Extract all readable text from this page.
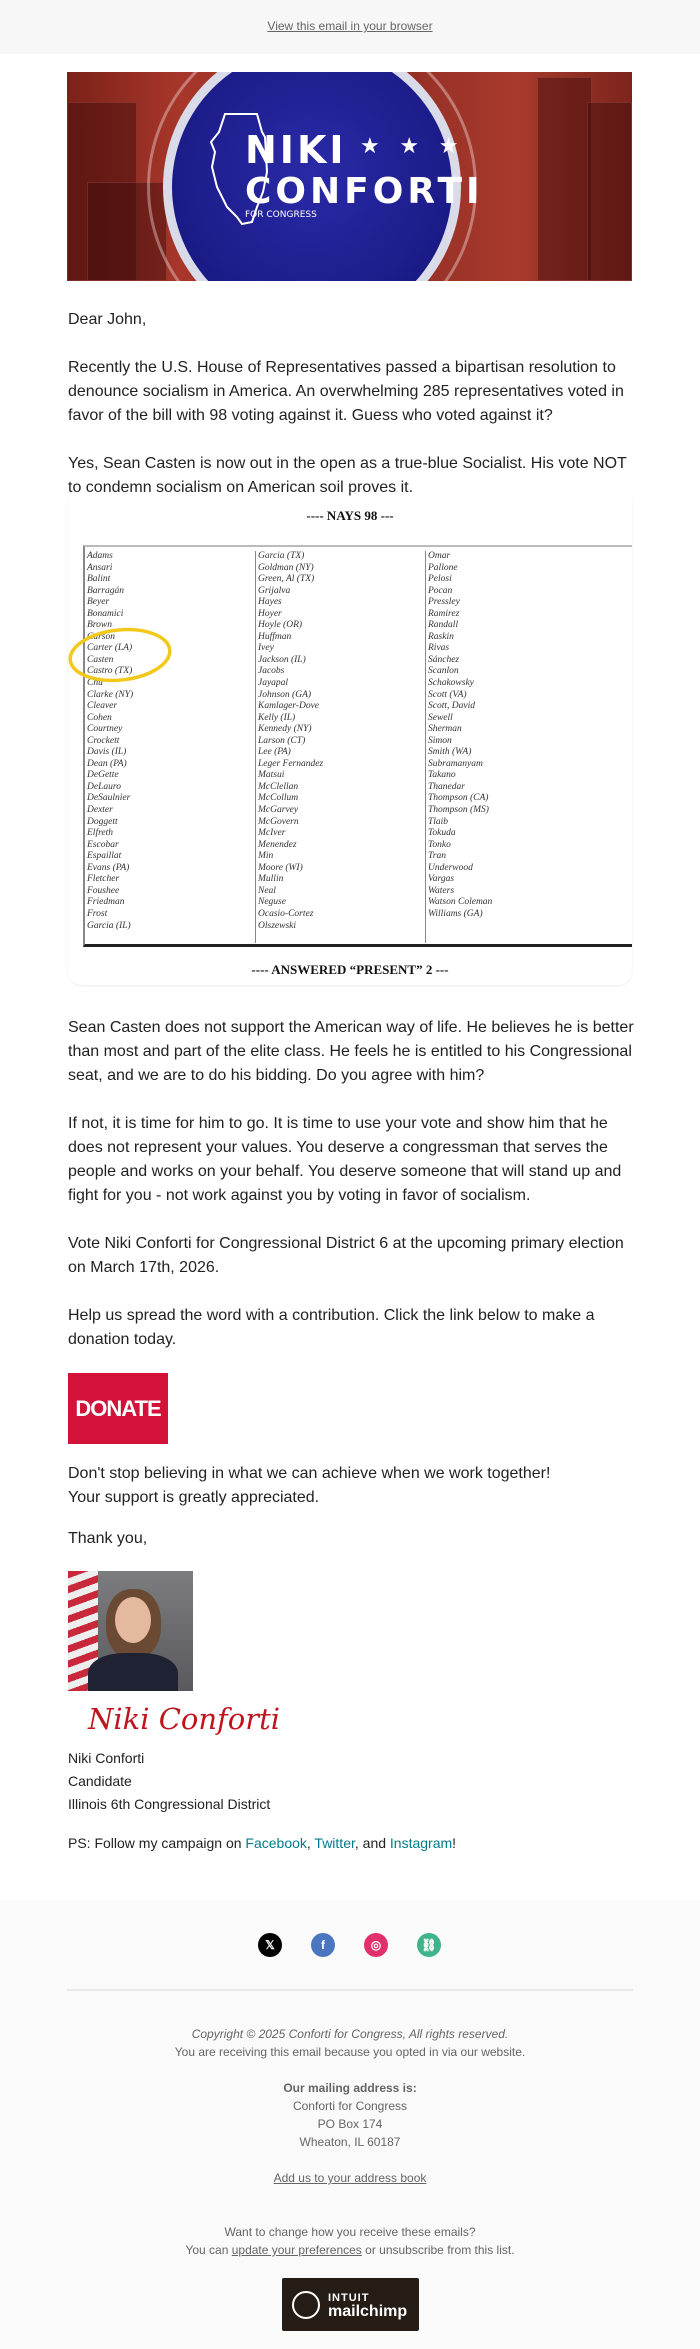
View this email in your browser
NIKI ★ ★ ★
CONFORTI
FOR CONGRESS

Dear John,

Recently the U.S. House of Representatives passed a bipartisan resolution to denounce socialism in America. An overwhelming 285 representatives voted in favor of the bill with 98 voting against it. Guess who voted against it?

Yes, Sean Casten is now out in the open as a true-blue Socialist. His vote NOT to condemn socialism on American soil proves it.

---- NAYS 98 ---
Adams
Ansari
Balint
Barragán
Beyer
Bonamici
Brown
Carson
Carter (LA)
Casten
Castro (TX)
Chu
Clarke (NY)
Cleaver
Cohen
Courtney
Crockett
Davis (IL)
Dean (PA)
DeGette
DeLauro
DeSaulnier
Dexter
Doggett
Elfreth
Escobar
Espaillat
Evans (PA)
Fletcher
Foushee
Friedman
Frost
Garcia (IL)
Garcia (TX)
Goldman (NY)
Green, Al (TX)
Grijalva
Hayes
Hoyer
Hoyle (OR)
Huffman
Ivey
Jackson (IL)
Jacobs
Jayapal
Johnson (GA)
Kamlager-Dove
Kelly (IL)
Kennedy (NY)
Larson (CT)
Lee (PA)
Leger Fernandez
Matsui
McClellan
McCollum
McGarvey
McGovern
McIver
Menendez
Min
Moore (WI)
Mullin
Neal
Neguse
Ocasio-Cortez
Olszewski
Omar
Pallone
Pelosi
Pocan
Pressley
Ramirez
Randall
Raskin
Rivas
Sánchez
Scanlon
Schakowsky
Scott (VA)
Scott, David
Sewell
Sherman
Simon
Smith (WA)
Subramanyam
Takano
Thanedar
Thompson (CA)
Thompson (MS)
Tlaib
Tokuda
Tonko
Tran
Underwood
Vargas
Waters
Watson Coleman
Williams (GA)
---- ANSWERED “PRESENT” 2 ---

Sean Casten does not support the American way of life. He believes he is better than most and part of the elite class. He feels he is entitled to his Congressional seat, and we are to do his bidding. Do you agree with him?

If not, it is time for him to go. It is time to use your vote and show him that he does not represent your values. You deserve a congressman that serves the people and works on your behalf. You deserve someone that will stand up and fight for you - not work against you by voting in favor of socialism.

Vote Niki Conforti for Congressional District 6 at the upcoming primary election on March 17th, 2026.

Help us spread the word with a contribution. Click the link below to make a donation today.

DONATE
Don't stop believing in what we can achieve when we work together!
Your support is greatly appreciated.
Thank you,
Niki Conforti
Niki Conforti
Candidate
Illinois 6th Congressional District
PS: Follow my campaign on Facebook, Twitter, and Instagram!
𝕏	f	◎	⛓
Copyright © 2025 Conforti for Congress, All rights reserved.
You are receiving this email because you opted in via our website.
Our mailing address is:
Conforti for Congress
PO Box 174
Wheaton, IL 60187
Add us to your address book
Want to change how you receive these emails?
You can update your preferences or unsubscribe from this list.
INTUIT
mailchimp
